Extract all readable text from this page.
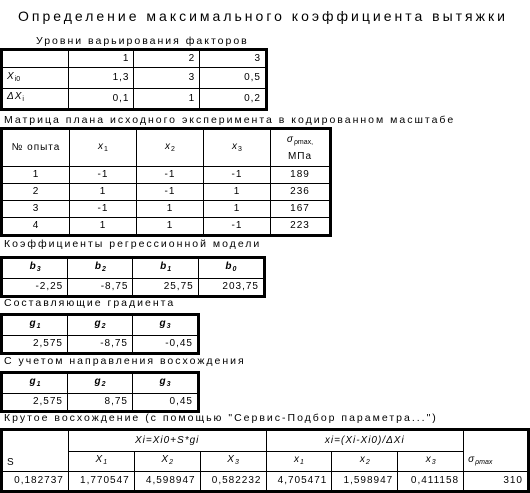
Определение максимального коэффициента вытяжки
Уровни варьирования факторов
	1	2	3
$X_{i0}$	1,3	3	0,5
$\Delta X_i$	0,1	1	0,2
Матрица плана исходного эксперимента в кодированном масштабе
№ опыта	$x_1$	$x_2$	$x_3$	$\sigma_{\rho max,}$
МПа
1	-1	-1	-1	189
2	1	-1	1	236
3	-1	1	1	167
4	1	1	-1	223
Коэффициенты регрессионной модели
$b_3$	$b_2$	$b_1$	$b_0$
-2,25	-8,75	25,75	203,75
Составляющие градиента
$g_1$	$g_2$	$g_3$
2,575	-8,75	-0,45
С учетом направления восхождения
$g_1$	$g_2$	$g_3$
2,575	8,75	0,45
Крутое восхождение (с помощью "Сервис-Подбор параметра...")
S	Xi=Xi0+S*gi			xi=(Xi-Xi0)/ΔXi			$\sigma_{\rho max}$
	$X_1$	$X_2$	$X_3$	$x_1$	$x_2$	$x_3$
0,182737	1,770547	4,598947	0,582232	4,705471	1,598947	0,411158	310
